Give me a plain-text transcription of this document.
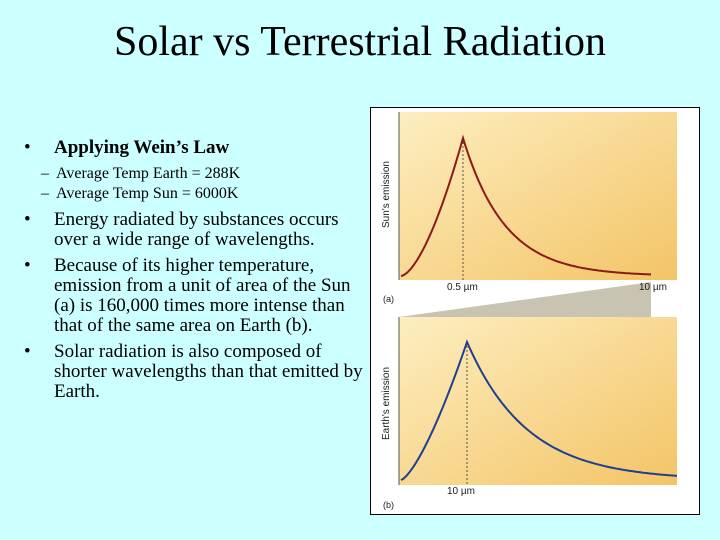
Solar vs Terrestrial Radiation
•	Applying Wein’s Law
– Average Temp Earth = 288K
– Average Temp Sun = 6000K
•	Energy radiated by substances occurs over a wide range of wavelengths.
•	Because of its higher temperature, emission from a unit of area of the Sun (a) is 160,000 times more intense than that of the same area on Earth (b).
•	Solar radiation is also composed of shorter wavelengths than that emitted by Earth.
Sun's emission
0.5 µm	10 µm
(a)
Earth's emission
10 µm
(b)
